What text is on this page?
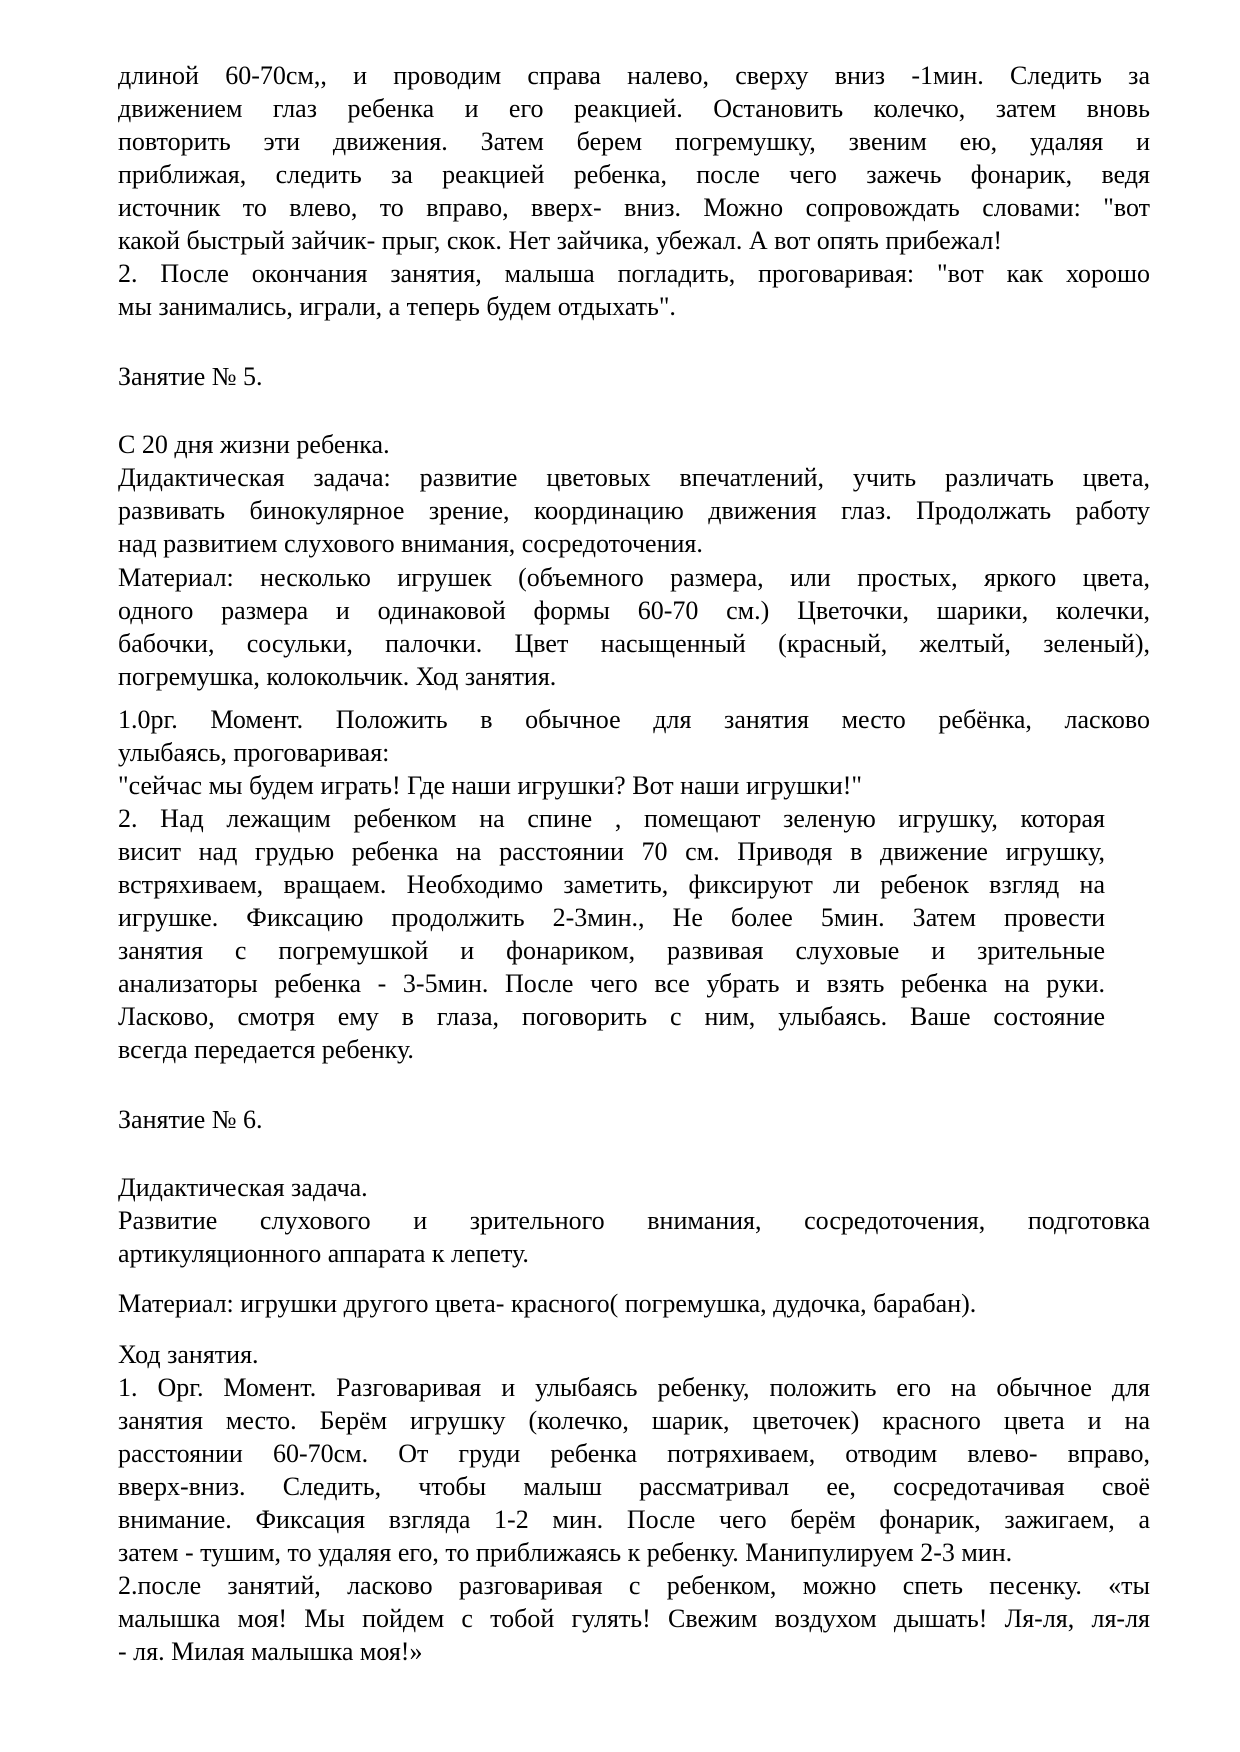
длиной 60-70см,, и проводим справа налево, сверху вниз -1мин. Следить за
движением глаз ребенка и его реакцией. Остановить колечко, затем вновь
повторить эти движения. Затем берем погремушку, звеним ею, удаляя и
приближая, следить за реакцией ребенка, после чего зажечь фонарик, ведя
источник то влево, то вправо, вверх- вниз. Можно сопровождать словами: "вот
какой быстрый зайчик- прыг, скок. Нет зайчика, убежал. А вот опять прибежал!
2. После окончания занятия, малыша погладить, проговаривая: "вот как хорошо
мы занимались, играли, а теперь будем отдыхать".
Занятие № 5.
С 20 дня жизни ребенка.
Дидактическая задача: развитие цветовых впечатлений, учить различать цвета,
развивать бинокулярное зрение, координацию движения глаз. Продолжать работу
над развитием слухового внимания, сосредоточения.
Материал: несколько игрушек (объемного размера, или простых, яркого цвета,
одного размера и одинаковой формы 60-70 см.) Цветочки, шарики, колечки,
бабочки, сосульки, палочки. Цвет насыщенный (красный, желтый, зеленый),
погремушка, колокольчик. Ход занятия.
1.0рг. Момент. Положить в обычное для занятия место ребёнка, ласково
улыбаясь, проговаривая:
"сейчас мы будем играть! Где наши игрушки? Вот наши игрушки!"
2. Над лежащим ребенком на спине , помещают зеленую игрушку, которая
висит над грудью ребенка на расстоянии 70 см. Приводя в движение игрушку,
встряхиваем, вращаем. Необходимо заметить, фиксируют ли ребенок взгляд на
игрушке. Фиксацию продолжить 2-3мин., Не более 5мин. Затем провести
занятия с погремушкой и фонариком, развивая слуховые и зрительные
анализаторы ребенка - 3-5мин. После чего все убрать и взять ребенка на руки.
Ласково, смотря ему в глаза, поговорить с ним, улыбаясь. Ваше состояние
всегда передается ребенку.
Занятие № 6.
Дидактическая задача.
Развитие слухового и зрительного внимания, сосредоточения, подготовка
артикуляционного аппарата к лепету.
Материал: игрушки другого цвета- красного( погремушка, дудочка, барабан).
Ход занятия.
1. Орг. Момент. Разговаривая и улыбаясь ребенку, положить его на обычное для
занятия место. Берём игрушку (колечко, шарик, цветочек) красного цвета и на
расстоянии 60-70см. От груди ребенка потряхиваем, отводим влево- вправо,
вверх-вниз. Следить, чтобы малыш рассматривал ее, сосредотачивая своё
внимание. Фиксация взгляда 1-2 мин. После чего берём фонарик, зажигаем, а
затем - тушим, то удаляя его, то приближаясь к ребенку. Манипулируем 2-3 мин.
2.после занятий, ласково разговаривая с ребенком, можно спеть песенку. «ты
малышка моя! Мы пойдем с тобой гулять! Свежим воздухом дышать! Ля-ля, ля-ля
- ля. Милая малышка моя!»
